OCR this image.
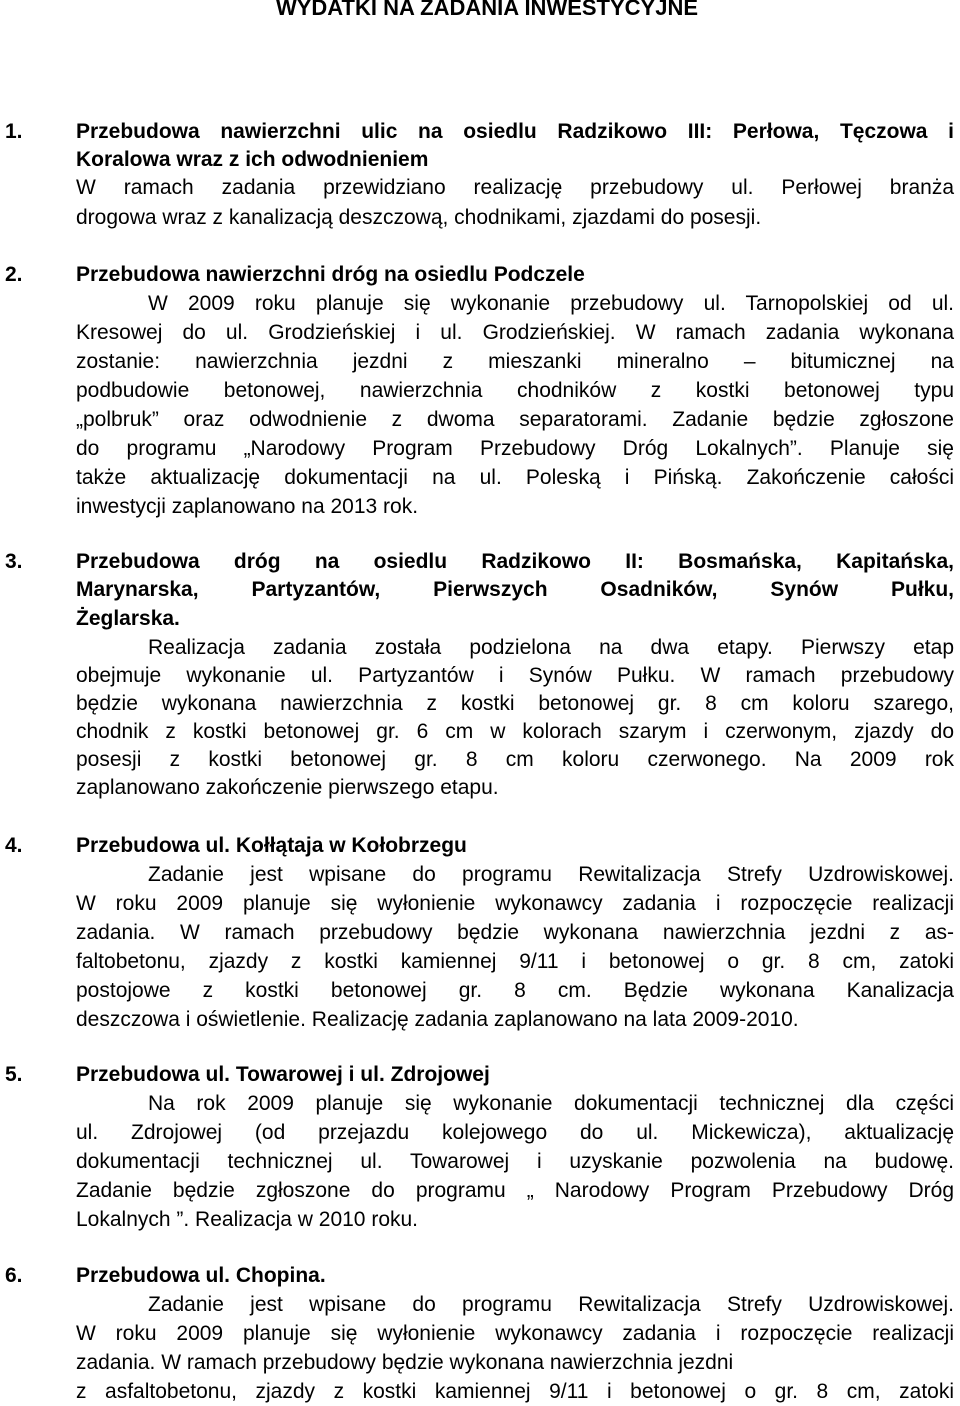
WYDATKI NA ZADANIA INWESTYCYJNE
1.	Przebudowa nawierzchni ulic na osiedlu Radzikowo III: Perłowa, Tęczowa i
Koralowa wraz z ich odwodnieniem
W ramach zadania przewidziano realizację przebudowy ul. Perłowej branża
drogowa wraz z kanalizacją deszczową, chodnikami, zjazdami do posesji.
2.	Przebudowa nawierzchni dróg na osiedlu Podczele
W 2009 roku planuje się wykonanie przebudowy ul. Tarnopolskiej od ul.
Kresowej do ul. Grodzieńskiej i ul. Grodzieńskiej. W ramach zadania wykonana
zostanie: nawierzchnia jezdni z mieszanki mineralno – bitumicznej na
podbudowie betonowej, nawierzchnia chodników z kostki betonowej typu
„polbruk” oraz odwodnienie z dwoma separatorami. Zadanie będzie zgłoszone
do programu „Narodowy Program Przebudowy Dróg Lokalnych”. Planuje się
także aktualizację dokumentacji na ul. Poleską i Pińską. Zakończenie całości
inwestycji zaplanowano na 2013 rok.
3.	Przebudowa dróg na osiedlu Radzikowo II: Bosmańska, Kapitańska,
Marynarska, Partyzantów, Pierwszych Osadników, Synów Pułku,
Żeglarska.
Realizacja zadania została podzielona na dwa etapy. Pierwszy etap
obejmuje wykonanie ul. Partyzantów i Synów Pułku. W ramach przebudowy
będzie wykonana nawierzchnia z kostki betonowej gr. 8 cm koloru szarego,
chodnik z kostki betonowej gr. 6 cm w kolorach szarym i czerwonym, zjazdy do
posesji z kostki betonowej gr. 8 cm koloru czerwonego. Na 2009 rok
zaplanowano zakończenie pierwszego etapu.
4.	Przebudowa ul. Kołłątaja w Kołobrzegu
Zadanie jest wpisane do programu Rewitalizacja Strefy Uzdrowiskowej.
W roku 2009 planuje się wyłonienie wykonawcy zadania i rozpoczęcie realizacji
zadania. W ramach przebudowy będzie wykonana nawierzchnia jezdni z as-
faltobetonu, zjazdy z kostki kamiennej 9/11 i betonowej o gr. 8 cm, zatoki
postojowe z kostki betonowej gr. 8 cm. Będzie wykonana Kanalizacja
deszczowa i oświetlenie. Realizację zadania zaplanowano na lata 2009-2010.
5.	Przebudowa ul. Towarowej i ul. Zdrojowej
Na rok 2009 planuje się wykonanie dokumentacji technicznej dla części
ul. Zdrojowej (od przejazdu kolejowego do ul. Mickewicza), aktualizację
dokumentacji technicznej ul. Towarowej i uzyskanie pozwolenia na budowę.
Zadanie będzie zgłoszone do programu „ Narodowy Program Przebudowy Dróg
Lokalnych ”. Realizacja w 2010 roku.
6.	Przebudowa ul. Chopina.
Zadanie jest wpisane do programu Rewitalizacja Strefy Uzdrowiskowej.
W roku 2009 planuje się wyłonienie wykonawcy zadania i rozpoczęcie realizacji
zadania. W ramach przebudowy będzie wykonana nawierzchnia jezdni
z asfaltobetonu, zjazdy z kostki kamiennej 9/11 i betonowej o gr. 8 cm, zatoki
